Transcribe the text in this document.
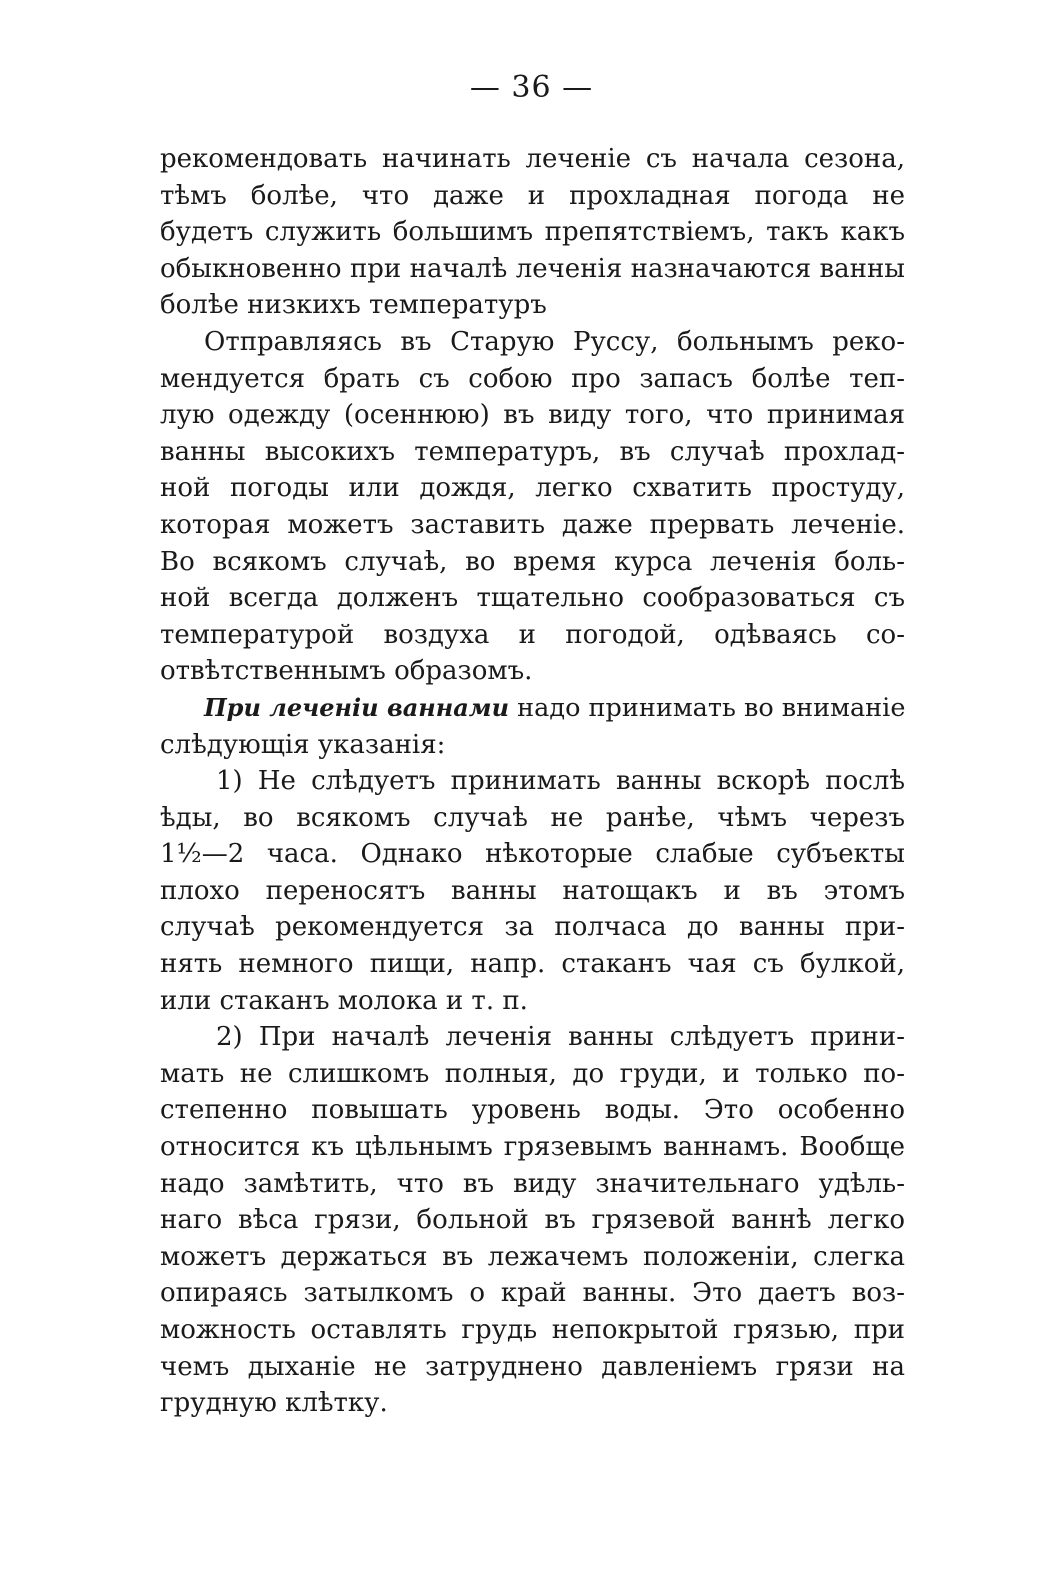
— 36 —

рекомендовать начинать леченіе съ начала сезона,
тѣмъ болѣе, что даже и прохладная погода не
будетъ служить большимъ препятствіемъ, такъ какъ
обыкновенно при началѣ леченія назначаются ванны
болѣе низкихъ температуръ
Отправляясь въ Старую Руссу, больнымъ реко-
мендуется брать съ собою про запасъ болѣе теп-
лую одежду (осеннюю) въ виду того, что принимая
ванны высокихъ температуръ, въ случаѣ прохлад-
ной погоды или дождя, легко схватить простуду,
которая можетъ заставить даже прервать леченіе.
Во всякомъ случаѣ, во время курса леченія боль-
ной всегда долженъ тщательно сообразоваться съ
температурой воздуха и погодой, одѣваясь со-
отвѣтственнымъ образомъ.
При леченіи ваннами надо принимать во вниманіе
слѣдующія указанія:
1) Не слѣдуетъ принимать ванны вскорѣ послѣ
ѣды, во всякомъ случаѣ не ранѣе, чѣмъ черезъ
1½—2 часа. Однако нѣкоторые слабые субъекты
плохо переносятъ ванны натощакъ и въ этомъ
случаѣ рекомендуется за полчаса до ванны при-
нять немного пищи, напр. стаканъ чая съ булкой,
или стаканъ молока и т. п.
2) При началѣ леченія ванны слѣдуетъ прини-
мать не слишкомъ полныя, до груди, и только по-
степенно повышать уровень воды. Это особенно
относится къ цѣльнымъ грязевымъ ваннамъ. Вообще
надо замѣтить, что въ виду значительнаго удѣль-
наго вѣса грязи, больной въ грязевой ваннѣ легко
можетъ держаться въ лежачемъ положеніи, слегка
опираясь затылкомъ о край ванны. Это даетъ воз-
можность оставлять грудь непокрытой грязью, при
чемъ дыханіе не затруднено давленіемъ грязи на
грудную клѣтку.
